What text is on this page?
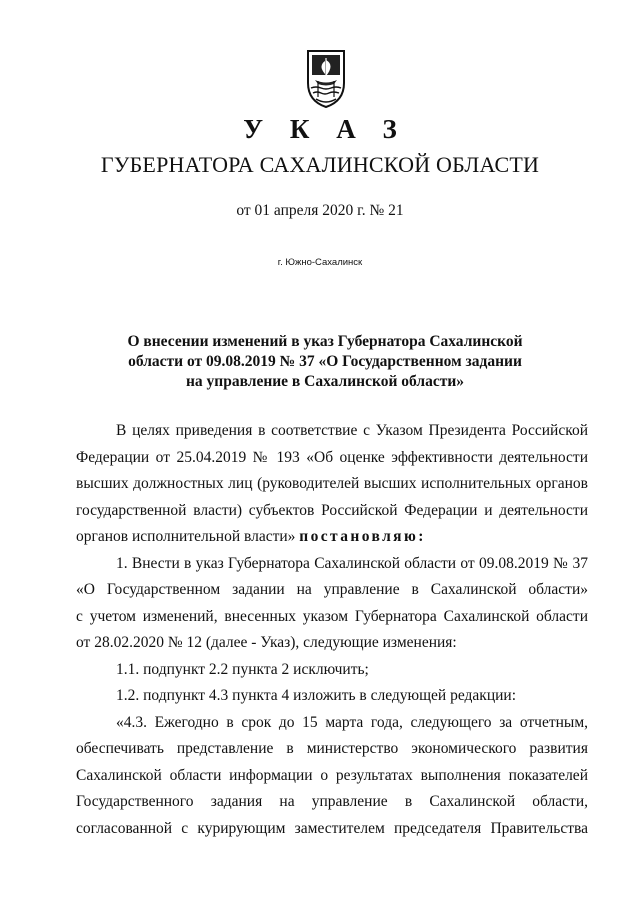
У К А З
ГУБЕРНАТОРА САХАЛИНСКОЙ ОБЛАСТИ
от 01 апреля 2020 г. № 21
г. Южно-Сахалинск
О внесении изменений в указ Губернатора Сахалинской
области от 09.08.2019 № 37 «О Государственном задании
на управление в Сахалинской области»
В целях приведения в соответствие с Указом Президента Российской
Федерации от 25.04.2019 № 193 «Об оценке эффективности деятельности
высших должностных лиц (руководителей высших исполнительных органов
государственной власти) субъектов Российской Федерации и деятельности
органов исполнительной власти» постановляю:
1. Внести в указ Губернатора Сахалинской области от 09.08.2019 № 37
«О Государственном задании на управление в Сахалинской области»
с учетом изменений, внесенных указом Губернатора Сахалинской области
от 28.02.2020 № 12 (далее - Указ), следующие изменения:
1.1. подпункт 2.2 пункта 2 исключить;
1.2. подпункт 4.3 пункта 4 изложить в следующей редакции:
«4.3. Ежегодно в срок до 15 марта года, следующего за отчетным,
обеспечивать представление в министерство экономического развития
Сахалинской области информации о результатах выполнения показателей
Государственного задания на управление в Сахалинской области,
согласованной с курирующим заместителем председателя Правительства
